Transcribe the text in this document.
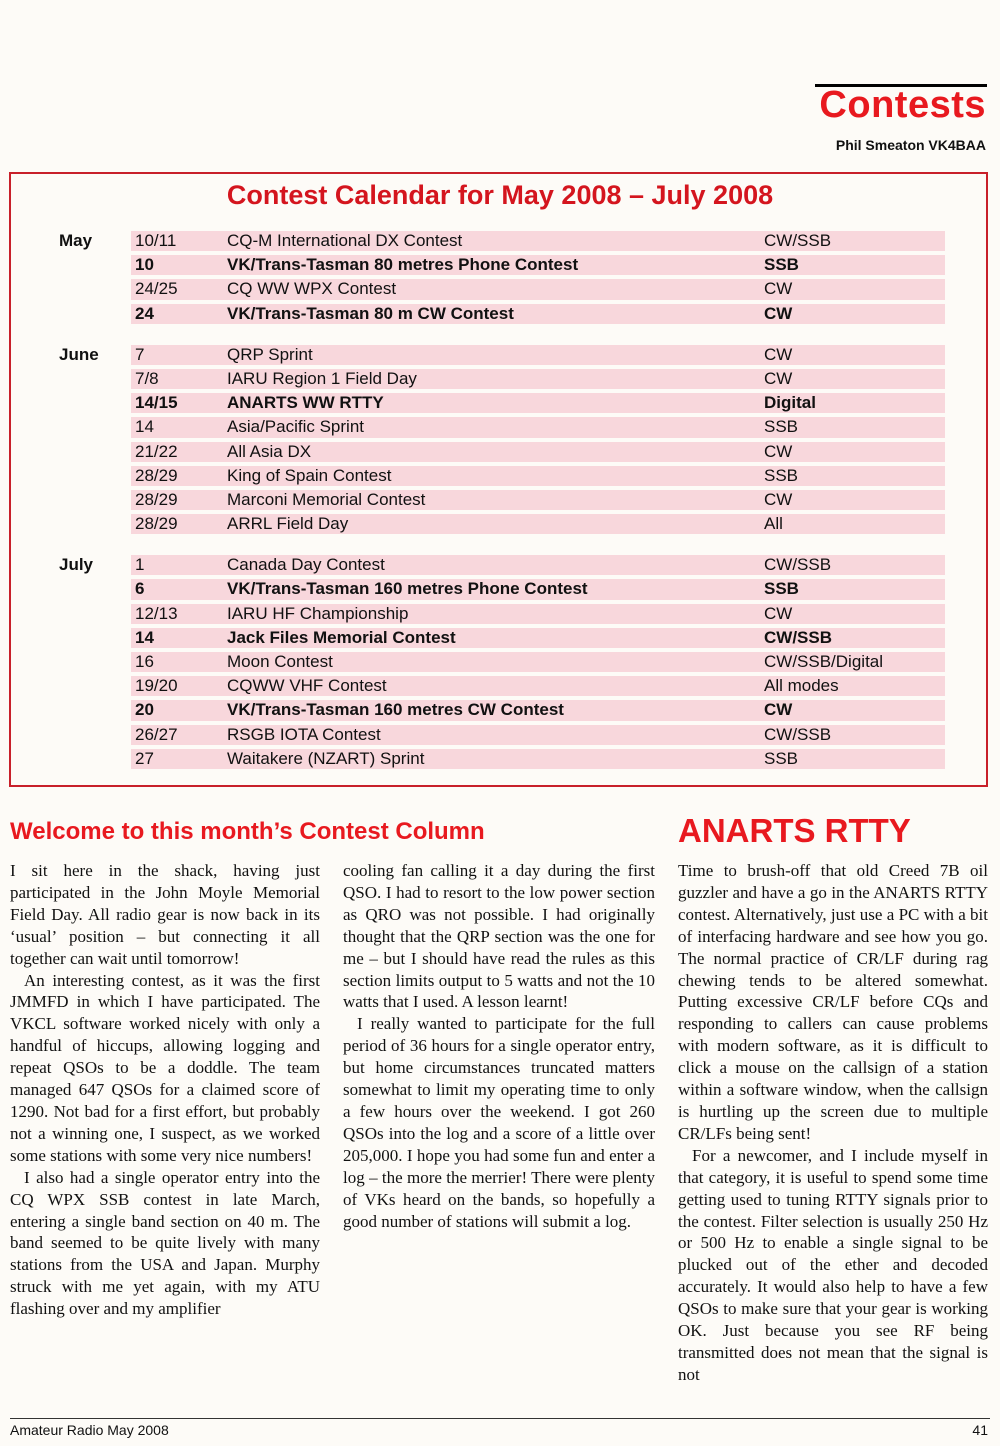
Contests
Phil Smeaton VK4BAA
Contest Calendar for May 2008 – July 2008
May	10/11	CQ-M International DX Contest	CW/SSB
10	VK/Trans-Tasman 80 metres Phone Contest	SSB
24/25	CQ WW WPX Contest	CW
24	VK/Trans-Tasman 80 m CW Contest	CW
June 7	QRP Sprint	CW
7/8	IARU Region 1 Field Day	CW
14/15	ANARTS WW RTTY	Digital
14	Asia/Pacific Sprint	SSB
21/22	All Asia DX	CW
28/29	King of Spain Contest	SSB
28/29	Marconi Memorial Contest	CW
28/29	ARRL Field Day	All
July 1	Canada Day Contest	CW/SSB
6	VK/Trans-Tasman 160 metres Phone Contest	SSB
12/13	IARU HF Championship	CW
14	Jack Files Memorial Contest	CW/SSB
16	Moon Contest	CW/SSB/Digital
19/20	CQWW VHF Contest	All modes
20	VK/Trans-Tasman 160 metres CW Contest	CW
26/27	RSGB IOTA Contest	CW/SSB
27	Waitakere (NZART) Sprint	SSB
Welcome to this month’s Contest Column	ANARTS RTTY

I sit here in the shack, having just participated in the John Moyle Memorial Field Day. All radio gear is now back in its ‘usual’ position – but connecting it all together can wait until tomorrow!

An interesting contest, as it was the first JMMFD in which I have participated. The VKCL software worked nicely with only a handful of hiccups, allowing logging and repeat QSOs to be a doddle. The team managed 647 QSOs for a claimed score of 1290. Not bad for a first effort, but probably not a winning one, I suspect, as we worked some stations with some very nice numbers!

I also had a single operator entry into the CQ WPX SSB contest in late March, entering a single band section on 40 m. The band seemed to be quite lively with many stations from the USA and Japan. Murphy struck with me yet again, with my ATU flashing over and my amplifier

cooling fan calling it a day during the first QSO. I had to resort to the low power section as QRO was not possible. I had originally thought that the QRP section was the one for me – but I should have read the rules as this section limits output to 5 watts and not the 10 watts that I used. A lesson learnt!

I really wanted to participate for the full period of 36 hours for a single operator entry, but home circumstances truncated matters somewhat to limit my operating time to only a few hours over the weekend. I got 260 QSOs into the log and a score of a little over 205,000. I hope you had some fun and enter a log – the more the merrier! There were plenty of VKs heard on the bands, so hopefully a good number of stations will submit a log.

Time to brush-off that old Creed 7B oil guzzler and have a go in the ANARTS RTTY contest. Alternatively, just use a PC with a bit of interfacing hardware and see how you go. The normal practice of CR/LF during rag chewing tends to be altered somewhat. Putting excessive CR/LF before CQs and responding to callers can cause problems with modern software, as it is difficult to click a mouse on the callsign of a station within a software window, when the callsign is hurtling up the screen due to multiple CR/LFs being sent!

For a newcomer, and I include myself in that category, it is useful to spend some time getting used to tuning RTTY signals prior to the contest. Filter selection is usually 250 Hz or 500 Hz to enable a single signal to be plucked out of the ether and decoded accurately. It would also help to have a few QSOs to make sure that your gear is working OK. Just because you see RF being transmitted does not mean that the signal is not

Amateur Radio May 2008	41
